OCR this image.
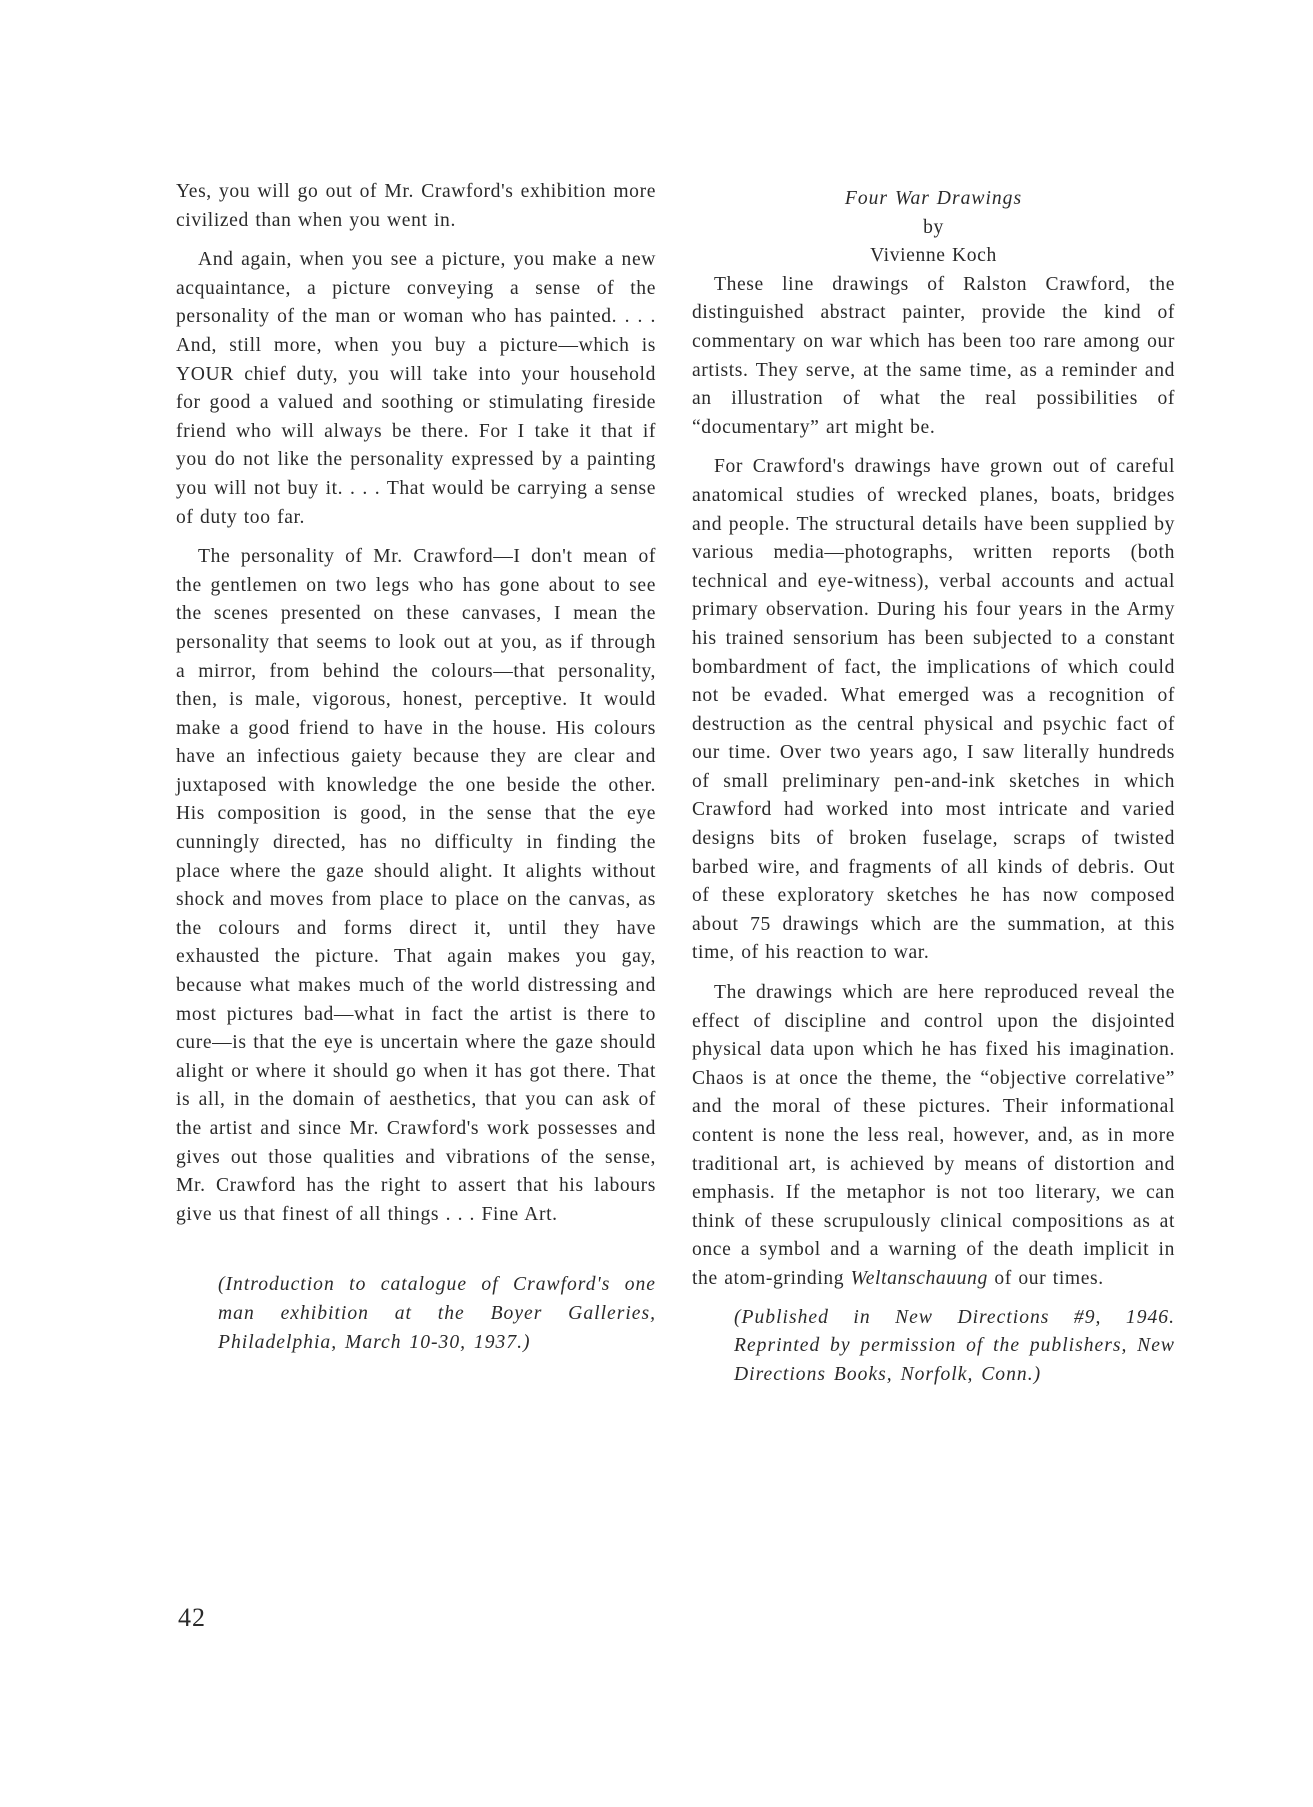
Yes, you will go out of Mr. Crawford's exhibition more civilized than when you went in.

And again, when you see a picture, you make a new acquaintance, a picture conveying a sense of the personality of the man or woman who has painted. . . . And, still more, when you buy a picture—which is YOUR chief duty, you will take into your household for good a valued and soothing or stimulating fireside friend who will always be there. For I take it that if you do not like the personality expressed by a painting you will not buy it. . . . That would be carrying a sense of duty too far.

The personality of Mr. Crawford—I don't mean of the gentlemen on two legs who has gone about to see the scenes presented on these canvases, I mean the personality that seems to look out at you, as if through a mirror, from behind the colours—that personality, then, is male, vigorous, honest, perceptive. It would make a good friend to have in the house. His colours have an infectious gaiety because they are clear and juxtaposed with knowledge the one beside the other. His composition is good, in the sense that the eye cunningly directed, has no difficulty in finding the place where the gaze should alight. It alights without shock and moves from place to place on the canvas, as the colours and forms direct it, until they have exhausted the picture. That again makes you gay, because what makes much of the world distressing and most pictures bad—what in fact the artist is there to cure—is that the eye is uncertain where the gaze should alight or where it should go when it has got there. That is all, in the domain of aesthetics, that you can ask of the artist and since Mr. Crawford's work possesses and gives out those qualities and vibrations of the sense, Mr. Crawford has the right to assert that his labours give us that finest of all things . . . Fine Art.

(Introduction to catalogue of Crawford's one man exhibition at the Boyer Galleries, Philadelphia, March 10-30, 1937.)

Four War Drawings

by

Vivienne Koch

These line drawings of Ralston Crawford, the distinguished abstract painter, provide the kind of commentary on war which has been too rare among our artists. They serve, at the same time, as a reminder and an illustration of what the real possibilities of “documentary” art might be.

For Crawford's drawings have grown out of careful anatomical studies of wrecked planes, boats, bridges and people. The structural details have been supplied by various media—photographs, written reports (both technical and eye-witness), verbal accounts and actual primary observation. During his four years in the Army his trained sensorium has been subjected to a constant bombardment of fact, the implications of which could not be evaded. What emerged was a recognition of destruction as the central physical and psychic fact of our time. Over two years ago, I saw literally hundreds of small preliminary pen-and-ink sketches in which Crawford had worked into most intricate and varied designs bits of broken fuselage, scraps of twisted barbed wire, and fragments of all kinds of debris. Out of these exploratory sketches he has now composed about 75 drawings which are the summation, at this time, of his reaction to war.

The drawings which are here reproduced reveal the effect of discipline and control upon the disjointed physical data upon which he has fixed his imagination. Chaos is at once the theme, the “objective correlative” and the moral of these pictures. Their informational content is none the less real, however, and, as in more traditional art, is achieved by means of distortion and emphasis. If the metaphor is not too literary, we can think of these scrupulously clinical compositions as at once a symbol and a warning of the death implicit in the atom-grinding Weltanschauung of our times.

(Published in New Directions #9, 1946. Reprinted by permission of the publishers, New Directions Books, Norfolk, Conn.)

42
